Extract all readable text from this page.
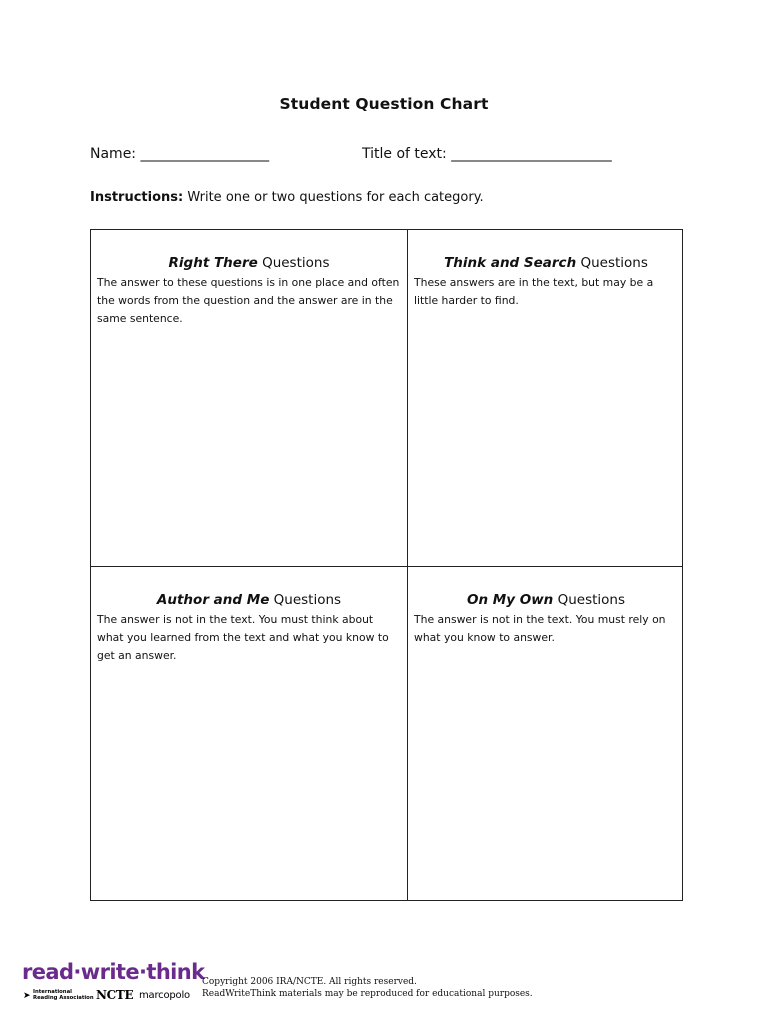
Student Question Chart
Name: ____________________	Title of text: _________________________
Instructions: Write one or two questions for each category.
Right There Questions
The answer to these questions is in one place and often the words from the question and the answer are in the same sentence.
Think and Search Questions
These answers are in the text, but may be a little harder to find.
Author and Me Questions
The answer is not in the text. You must think about what you learned from the text and what you know to get an answer.
On My Own Questions
The answer is not in the text. You must rely on what you know to answer.
read·write·think
➤ International
Reading Association NCTE marcopolo
Copyright 2006 IRA/NCTE. All rights reserved.
ReadWriteThink materials may be reproduced for educational purposes.
